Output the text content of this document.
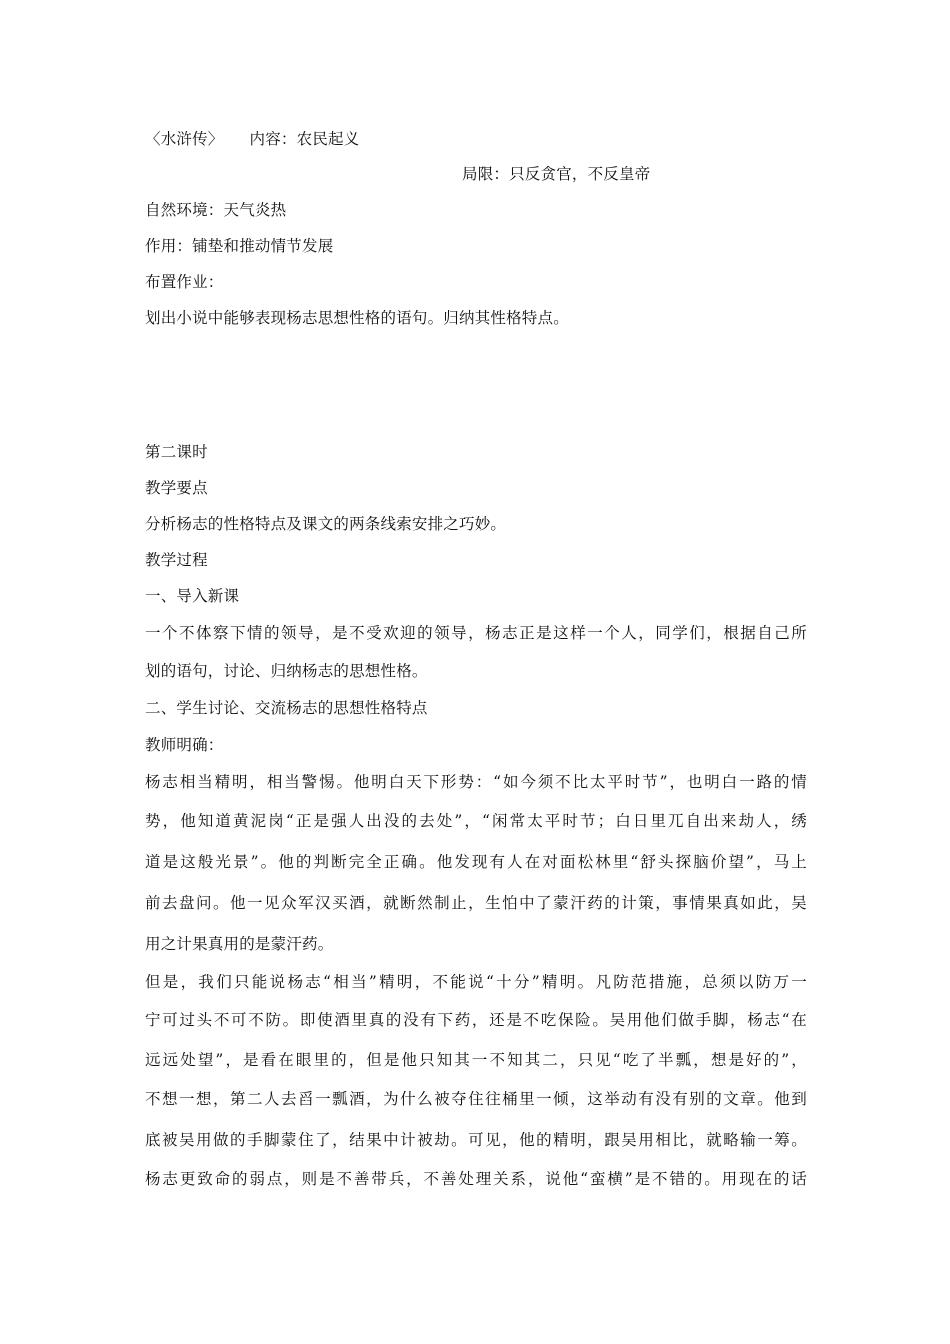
〈水浒传〉 内容：农民起义
局限：只反贪官，不反皇帝
自然环境：天气炎热
作用：铺垫和推动情节发展
布置作业：
划出小说中能够表现杨志思想性格的语句。归纳其性格特点。
第二课时
教学要点
分析杨志的性格特点及课文的两条线索安排之巧妙。
教学过程
一、导入新课
一个不体察下情的领导，是不受欢迎的领导，杨志正是这样一个人，同学们，根据自己所
划的语句，讨论、归纳杨志的思想性格。
二、学生讨论、交流杨志的思想性格特点
教师明确：
杨志相当精明，相当警惕。他明白天下形势：“如今须不比太平时节”，也明白一路的情
势，他知道黄泥岗“正是强人出没的去处”，“闲常太平时节；白日里兀自出来劫人，绣
道是这般光景”。他的判断完全正确。他发现有人在对面松林里“舒头探脑价望”，马上
前去盘问。他一见众军汉买酒，就断然制止，生怕中了蒙汗药的计策，事情果真如此，吴
用之计果真用的是蒙汗药。
但是，我们只能说杨志“相当”精明，不能说“十分”精明。凡防范措施，总须以防万一
宁可过头不可不防。即使酒里真的没有下药，还是不吃保险。吴用他们做手脚，杨志“在
远远处望”，是看在眼里的，但是他只知其一不知其二，只见“吃了半瓢，想是好的”，
不想一想，第二人去舀一瓢酒，为什么被夺住往桶里一倾，这举动有没有别的文章。他到
底被吴用做的手脚蒙住了，结果中计被劫。可见，他的精明，跟吴用相比，就略输一筹。
杨志更致命的弱点，则是不善带兵，不善处理关系，说他“蛮横”是不错的。用现在的话
